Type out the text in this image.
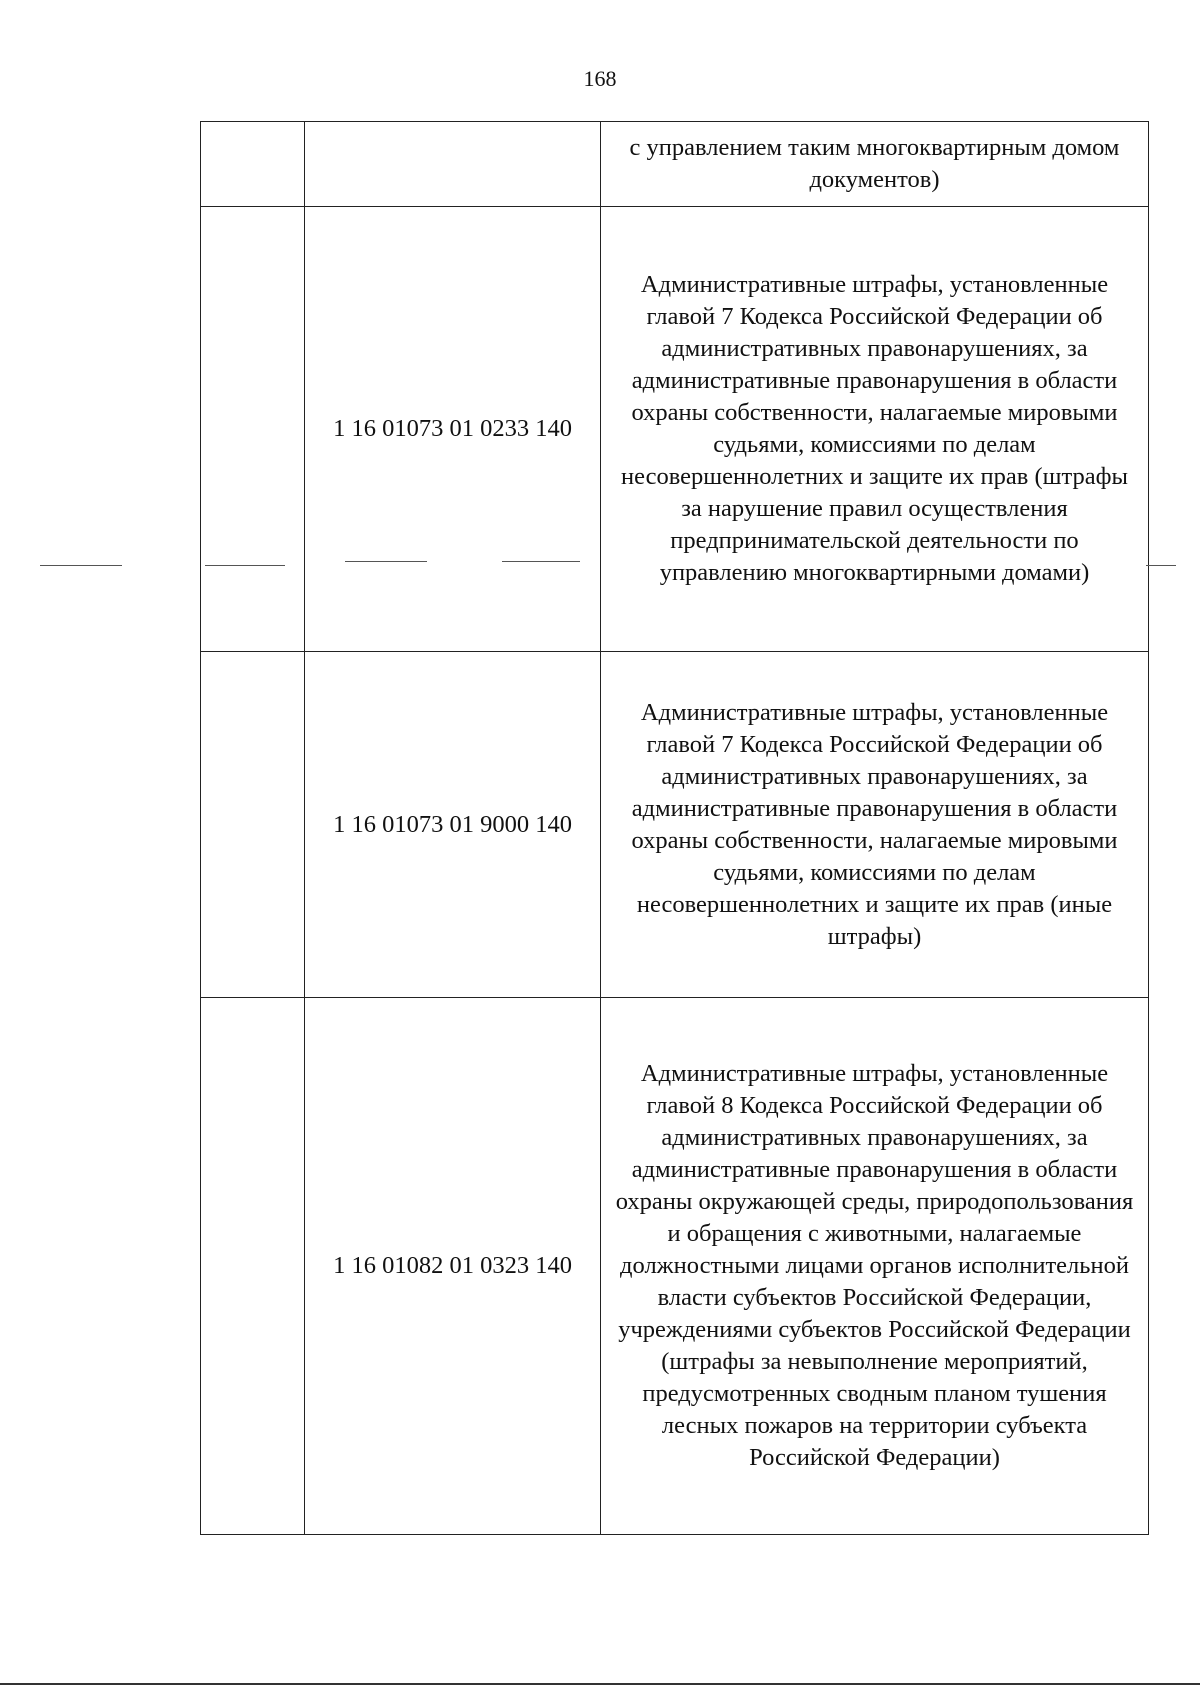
168
		с управлением таким многоквартирным домом документов)
	1 16 01073 01 0233 140	Административные штрафы, установленные главой 7 Кодекса Российской Федерации об административных правонарушениях, за административные правонарушения в области охраны собственности, налагаемые мировыми судьями, комиссиями по делам несовершеннолетних и защите их прав (штрафы за нарушение правил осуществления предпринимательской деятельности по управлению многоквартирными домами)
	1 16 01073 01 9000 140	Административные штрафы, установленные главой 7 Кодекса Российской Федерации об административных правонарушениях, за административные правонарушения в области охраны собственности, налагаемые мировыми судьями, комиссиями по делам несовершеннолетних и защите их прав (иные штрафы)
	1 16 01082 01 0323 140	Административные штрафы, установленные главой 8 Кодекса Российской Федерации об административных правонарушениях, за административные правонарушения в области охраны окружающей среды, природопользования и обращения с животными, налагаемые должностными лицами органов исполнительной власти субъектов Российской Федерации, учреждениями субъектов Российской Федерации (штрафы за невыполнение мероприятий, предусмотренных сводным планом тушения лесных пожаров на территории субъекта Российской Федерации)
